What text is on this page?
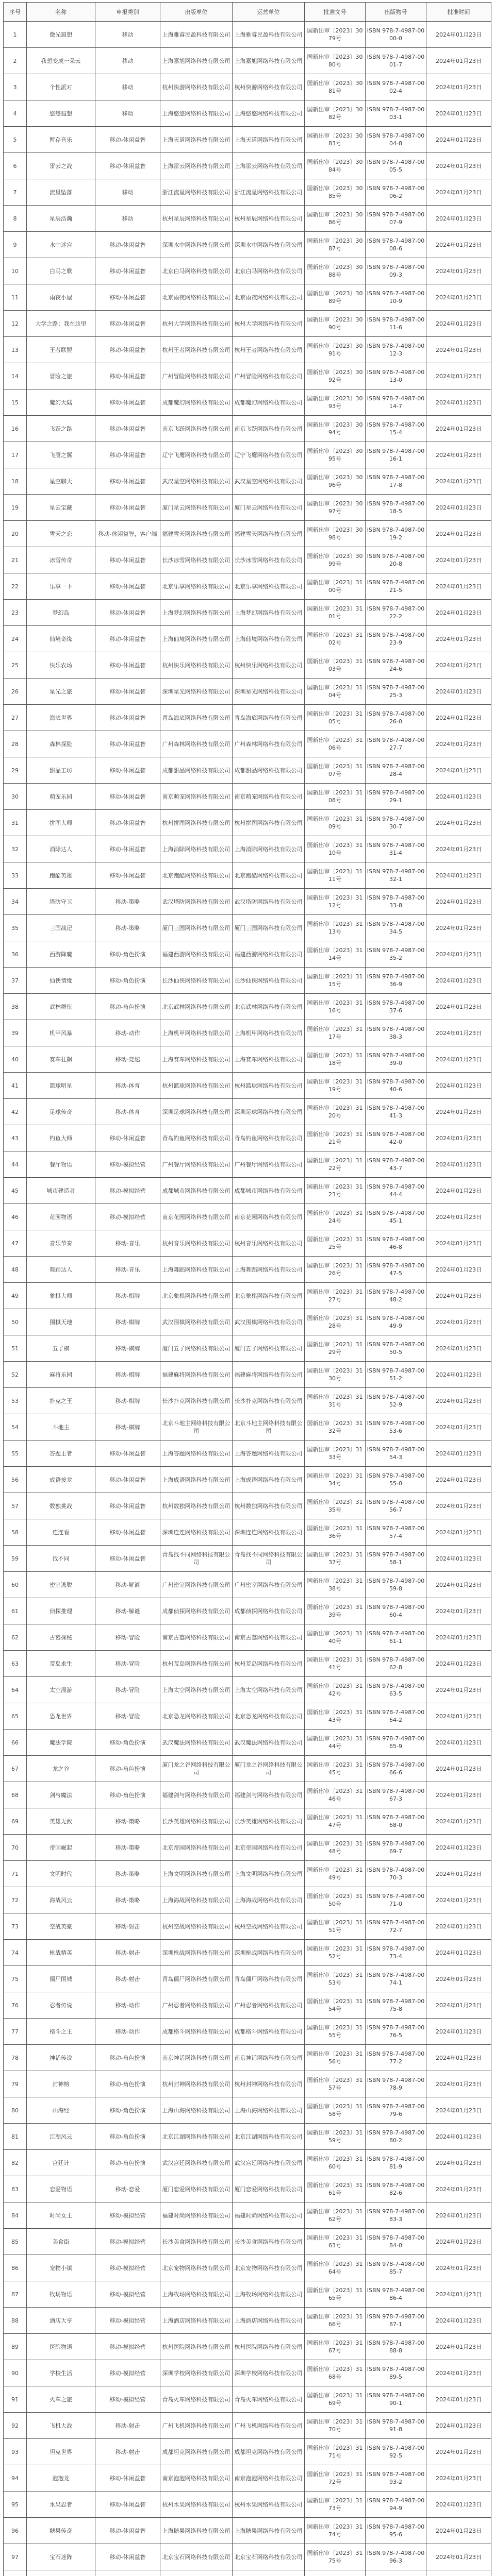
序号	名称	申报类别	出版单位	运营单位	批准文号	出版物号	批准时间
1	微光遐想	移动	上海雅睿民盈科技有限公司	上海雅睿民盈科技有限公司	国新出审〔2023〕3079号	ISBN 978-7-4987-0000-0	2024年01月23日
2	我想变成一朵云	移动	上海嘉旭网络科技有限公司	上海嘉旭网络科技有限公司	国新出审〔2023〕3080号	ISBN 978-7-4987-0001-7	2024年01月23日
3	个性派对	移动	杭州快游网络科技有限公司	杭州快游网络科技有限公司	国新出审〔2023〕3081号	ISBN 978-7-4987-0002-4	2024年01月23日
4	悠悠遐想	移动	上海悠悠网络科技有限公司	上海悠悠网络科技有限公司	国新出审〔2023〕3082号	ISBN 978-7-4987-0003-1	2024年01月23日
5	暂存音乐	移动-休闲益智	上海天道网络科技有限公司	上海天道网络科技有限公司	国新出审〔2023〕3083号	ISBN 978-7-4987-0004-8	2024年01月23日
6	雷云之战	移动-休闲益智	上海雷云网络科技有限公司	上海雷云网络科技有限公司	国新出审〔2023〕3084号	ISBN 978-7-4987-0005-5	2024年01月23日
7	流星坠落	移动	浙江流星网络科技有限公司	浙江流星网络科技有限公司	国新出审〔2023〕3085号	ISBN 978-7-4987-0006-2	2024年01月23日
8	星辰浩瀚	移动	杭州星辰网络科技有限公司	杭州星辰网络科技有限公司	国新出审〔2023〕3086号	ISBN 978-7-4987-0007-9	2024年01月23日
9	水中迷宫	移动-休闲益智	深圳水中网络科技有限公司	深圳水中网络科技有限公司	国新出审〔2023〕3087号	ISBN 978-7-4987-0008-6	2024年01月23日
10	白马之歌	移动-休闲益智	北京白马网络科技有限公司	北京白马网络科技有限公司	国新出审〔2023〕3088号	ISBN 978-7-4987-0009-3	2024年01月23日
11	雨夜小屋	移动-休闲益智	北京雨夜网络科技有限公司	北京雨夜网络科技有限公司	国新出审〔2023〕3089号	ISBN 978-7-4987-0010-9	2024年01月23日
12	大学之路：我在这里	移动-休闲益智	杭州大学网络科技有限公司	杭州大学网络科技有限公司	国新出审〔2023〕3090号	ISBN 978-7-4987-0011-6	2024年01月23日
13	王者联盟	移动-休闲益智	杭州王者网络科技有限公司	杭州王者网络科技有限公司	国新出审〔2023〕3091号	ISBN 978-7-4987-0012-3	2024年01月23日
14	冒险之旅	移动-休闲益智	广州冒险网络科技有限公司	广州冒险网络科技有限公司	国新出审〔2023〕3092号	ISBN 978-7-4987-0013-0	2024年01月23日
15	魔幻大陆	移动-休闲益智	成都魔幻网络科技有限公司	成都魔幻网络科技有限公司	国新出审〔2023〕3093号	ISBN 978-7-4987-0014-7	2024年01月23日
16	飞跃之路	移动-休闲益智	南京飞跃网络科技有限公司	南京飞跃网络科技有限公司	国新出审〔2023〕3094号	ISBN 978-7-4987-0015-4	2024年01月23日
17	飞鹰之翼	移动-休闲益智	辽宁飞鹰网络科技有限公司	辽宁飞鹰网络科技有限公司	国新出审〔2023〕3095号	ISBN 978-7-4987-0016-1	2024年01月23日
18	星空聊天	移动-休闲益智	武汉星空网络科技有限公司	武汉星空网络科技有限公司	国新出审〔2023〕3096号	ISBN 978-7-4987-0017-8	2024年01月23日
19	星云宝藏	移动-休闲益智	厦门星云网络科技有限公司	厦门星云网络科技有限公司	国新出审〔2023〕3097号	ISBN 978-7-4987-0018-5	2024年01月23日
20	雪天之恋	移动-休闲益智，客户端	福建雪天网络科技有限公司	福建雪天网络科技有限公司	国新出审〔2023〕3098号	ISBN 978-7-4987-0019-2	2024年01月23日
21	冰雪传奇	移动-休闲益智	长沙冰雪网络科技有限公司	长沙冰雪网络科技有限公司	国新出审〔2023〕3099号	ISBN 978-7-4987-0020-8	2024年01月23日
22	乐享一下	移动-休闲益智	北京乐享网络科技有限公司	北京乐享网络科技有限公司	国新出审〔2023〕3100号	ISBN 978-7-4987-0021-5	2024年01月23日
23	梦幻岛	移动-休闲益智	上海梦幻网络科技有限公司	上海梦幻网络科技有限公司	国新出审〔2023〕3101号	ISBN 978-7-4987-0022-2	2024年01月23日
24	仙境奇缘	移动-休闲益智	上海仙境网络科技有限公司	上海仙境网络科技有限公司	国新出审〔2023〕3102号	ISBN 978-7-4987-0023-9	2024年01月23日
25	快乐农场	移动-休闲益智	杭州快乐网络科技有限公司	杭州快乐网络科技有限公司	国新出审〔2023〕3103号	ISBN 978-7-4987-0024-6	2024年01月23日
26	星光之旅	移动-休闲益智	深圳星光网络科技有限公司	深圳星光网络科技有限公司	国新出审〔2023〕3104号	ISBN 978-7-4987-0025-3	2024年01月23日
27	海底世界	移动-休闲益智	青岛海底网络科技有限公司	青岛海底网络科技有限公司	国新出审〔2023〕3105号	ISBN 978-7-4987-0026-0	2024年01月23日
28	森林探险	移动-休闲益智	广州森林网络科技有限公司	广州森林网络科技有限公司	国新出审〔2023〕3106号	ISBN 978-7-4987-0027-7	2024年01月23日
29	甜品工坊	移动-休闲益智	成都甜品网络科技有限公司	成都甜品网络科技有限公司	国新出审〔2023〕3107号	ISBN 978-7-4987-0028-4	2024年01月23日
30	萌宠乐园	移动-休闲益智	南京萌宠网络科技有限公司	南京萌宠网络科技有限公司	国新出审〔2023〕3108号	ISBN 978-7-4987-0029-1	2024年01月23日
31	拼图大师	移动-休闲益智	杭州拼图网络科技有限公司	杭州拼图网络科技有限公司	国新出审〔2023〕3109号	ISBN 978-7-4987-0030-7	2024年01月23日
32	消除达人	移动-休闲益智	上海消除网络科技有限公司	上海消除网络科技有限公司	国新出审〔2023〕3110号	ISBN 978-7-4987-0031-4	2024年01月23日
33	跑酷英雄	移动-休闲益智	北京跑酷网络科技有限公司	北京跑酷网络科技有限公司	国新出审〔2023〕3111号	ISBN 978-7-4987-0032-1	2024年01月23日
34	塔防守卫	移动-策略	武汉塔防网络科技有限公司	武汉塔防网络科技有限公司	国新出审〔2023〕3112号	ISBN 978-7-4987-0033-8	2024年01月23日
35	三国战记	移动-策略	厦门三国网络科技有限公司	厦门三国网络科技有限公司	国新出审〔2023〕3113号	ISBN 978-7-4987-0034-5	2024年01月23日
36	西游降魔	移动-角色扮演	福建西游网络科技有限公司	福建西游网络科技有限公司	国新出审〔2023〕3114号	ISBN 978-7-4987-0035-2	2024年01月23日
37	仙侠情缘	移动-角色扮演	长沙仙侠网络科技有限公司	长沙仙侠网络科技有限公司	国新出审〔2023〕3115号	ISBN 978-7-4987-0036-9	2024年01月23日
38	武林群侠	移动-角色扮演	北京武林网络科技有限公司	北京武林网络科技有限公司	国新出审〔2023〕3116号	ISBN 978-7-4987-0037-6	2024年01月23日
39	机甲风暴	移动-动作	上海机甲网络科技有限公司	上海机甲网络科技有限公司	国新出审〔2023〕3117号	ISBN 978-7-4987-0038-3	2024年01月23日
40	赛车狂飙	移动-竞速	上海赛车网络科技有限公司	上海赛车网络科技有限公司	国新出审〔2023〕3118号	ISBN 978-7-4987-0039-0	2024年01月23日
41	篮球明星	移动-体育	杭州篮球网络科技有限公司	杭州篮球网络科技有限公司	国新出审〔2023〕3119号	ISBN 978-7-4987-0040-6	2024年01月23日
42	足球传奇	移动-体育	深圳足球网络科技有限公司	深圳足球网络科技有限公司	国新出审〔2023〕3120号	ISBN 978-7-4987-0041-3	2024年01月23日
43	钓鱼大师	移动-休闲益智	青岛钓鱼网络科技有限公司	青岛钓鱼网络科技有限公司	国新出审〔2023〕3121号	ISBN 978-7-4987-0042-0	2024年01月23日
44	餐厅物语	移动-模拟经营	广州餐厅网络科技有限公司	广州餐厅网络科技有限公司	国新出审〔2023〕3122号	ISBN 978-7-4987-0043-7	2024年01月23日
45	城市建造者	移动-模拟经营	成都城市网络科技有限公司	成都城市网络科技有限公司	国新出审〔2023〕3123号	ISBN 978-7-4987-0044-4	2024年01月23日
46	花园物语	移动-模拟经营	南京花园网络科技有限公司	南京花园网络科技有限公司	国新出审〔2023〕3124号	ISBN 978-7-4987-0045-1	2024年01月23日
47	音乐节奏	移动-音乐	杭州音乐网络科技有限公司	杭州音乐网络科技有限公司	国新出审〔2023〕3125号	ISBN 978-7-4987-0046-8	2024年01月23日
48	舞蹈达人	移动-音乐	上海舞蹈网络科技有限公司	上海舞蹈网络科技有限公司	国新出审〔2023〕3126号	ISBN 978-7-4987-0047-5	2024年01月23日
49	象棋大师	移动-棋牌	北京象棋网络科技有限公司	北京象棋网络科技有限公司	国新出审〔2023〕3127号	ISBN 978-7-4987-0048-2	2024年01月23日
50	围棋天地	移动-棋牌	武汉围棋网络科技有限公司	武汉围棋网络科技有限公司	国新出审〔2023〕3128号	ISBN 978-7-4987-0049-9	2024年01月23日
51	五子棋	移动-棋牌	厦门五子网络科技有限公司	厦门五子网络科技有限公司	国新出审〔2023〕3129号	ISBN 978-7-4987-0050-5	2024年01月23日
52	麻将乐园	移动-棋牌	福建麻将网络科技有限公司	福建麻将网络科技有限公司	国新出审〔2023〕3130号	ISBN 978-7-4987-0051-2	2024年01月23日
53	扑克之王	移动-棋牌	长沙扑克网络科技有限公司	长沙扑克网络科技有限公司	国新出审〔2023〕3131号	ISBN 978-7-4987-0052-9	2024年01月23日
54	斗地主	移动-棋牌	北京斗地主网络科技有限公司	北京斗地主网络科技有限公司	国新出审〔2023〕3132号	ISBN 978-7-4987-0053-6	2024年01月23日
55	答题王者	移动-休闲益智	上海答题网络科技有限公司	上海答题网络科技有限公司	国新出审〔2023〕3133号	ISBN 978-7-4987-0054-3	2024年01月23日
56	成语接龙	移动-休闲益智	上海成语网络科技有限公司	上海成语网络科技有限公司	国新出审〔2023〕3134号	ISBN 978-7-4987-0055-0	2024年01月23日
57	数独挑战	移动-休闲益智	杭州数独网络科技有限公司	杭州数独网络科技有限公司	国新出审〔2023〕3135号	ISBN 978-7-4987-0056-7	2024年01月23日
58	连连看	移动-休闲益智	深圳连连网络科技有限公司	深圳连连网络科技有限公司	国新出审〔2023〕3136号	ISBN 978-7-4987-0057-4	2024年01月23日
59	找不同	移动-休闲益智	青岛找不同网络科技有限公司	青岛找不同网络科技有限公司	国新出审〔2023〕3137号	ISBN 978-7-4987-0058-1	2024年01月23日
60	密室逃脱	移动-解谜	广州密室网络科技有限公司	广州密室网络科技有限公司	国新出审〔2023〕3138号	ISBN 978-7-4987-0059-8	2024年01月23日
61	侦探推理	移动-解谜	成都侦探网络科技有限公司	成都侦探网络科技有限公司	国新出审〔2023〕3139号	ISBN 978-7-4987-0060-4	2024年01月23日
62	古墓探秘	移动-冒险	南京古墓网络科技有限公司	南京古墓网络科技有限公司	国新出审〔2023〕3140号	ISBN 978-7-4987-0061-1	2024年01月23日
63	荒岛求生	移动-冒险	杭州荒岛网络科技有限公司	杭州荒岛网络科技有限公司	国新出审〔2023〕3141号	ISBN 978-7-4987-0062-8	2024年01月23日
64	太空漫游	移动-冒险	上海太空网络科技有限公司	上海太空网络科技有限公司	国新出审〔2023〕3142号	ISBN 978-7-4987-0063-5	2024年01月23日
65	恐龙世界	移动-冒险	北京恐龙网络科技有限公司	北京恐龙网络科技有限公司	国新出审〔2023〕3143号	ISBN 978-7-4987-0064-2	2024年01月23日
66	魔法学院	移动-角色扮演	武汉魔法网络科技有限公司	武汉魔法网络科技有限公司	国新出审〔2023〕3144号	ISBN 978-7-4987-0065-9	2024年01月23日
67	龙之谷	移动-角色扮演	厦门龙之谷网络科技有限公司	厦门龙之谷网络科技有限公司	国新出审〔2023〕3145号	ISBN 978-7-4987-0066-6	2024年01月23日
68	剑与魔法	移动-角色扮演	福建剑与网络科技有限公司	福建剑与网络科技有限公司	国新出审〔2023〕3146号	ISBN 978-7-4987-0067-3	2024年01月23日
69	英雄无敌	移动-策略	长沙英雄网络科技有限公司	长沙英雄网络科技有限公司	国新出审〔2023〕3147号	ISBN 978-7-4987-0068-0	2024年01月23日
70	帝国崛起	移动-策略	北京帝国网络科技有限公司	北京帝国网络科技有限公司	国新出审〔2023〕3148号	ISBN 978-7-4987-0069-7	2024年01月23日
71	文明时代	移动-策略	上海文明网络科技有限公司	上海文明网络科技有限公司	国新出审〔2023〕3149号	ISBN 978-7-4987-0070-3	2024年01月23日
72	海战风云	移动-策略	上海海战网络科技有限公司	上海海战网络科技有限公司	国新出审〔2023〕3150号	ISBN 978-7-4987-0071-0	2024年01月23日
73	空战英豪	移动-射击	杭州空战网络科技有限公司	杭州空战网络科技有限公司	国新出审〔2023〕3151号	ISBN 978-7-4987-0072-7	2024年01月23日
74	枪战精英	移动-射击	深圳枪战网络科技有限公司	深圳枪战网络科技有限公司	国新出审〔2023〕3152号	ISBN 978-7-4987-0073-4	2024年01月23日
75	僵尸围城	移动-射击	青岛僵尸网络科技有限公司	青岛僵尸网络科技有限公司	国新出审〔2023〕3153号	ISBN 978-7-4987-0074-1	2024年01月23日
76	忍者传说	移动-动作	广州忍者网络科技有限公司	广州忍者网络科技有限公司	国新出审〔2023〕3154号	ISBN 978-7-4987-0075-8	2024年01月23日
77	格斗之王	移动-动作	成都格斗网络科技有限公司	成都格斗网络科技有限公司	国新出审〔2023〕3155号	ISBN 978-7-4987-0076-5	2024年01月23日
78	神话传说	移动-角色扮演	南京神话网络科技有限公司	南京神话网络科技有限公司	国新出审〔2023〕3156号	ISBN 978-7-4987-0077-2	2024年01月23日
79	封神榜	移动-角色扮演	杭州封神网络科技有限公司	杭州封神网络科技有限公司	国新出审〔2023〕3157号	ISBN 978-7-4987-0078-9	2024年01月23日
80	山海经	移动-角色扮演	上海山海网络科技有限公司	上海山海网络科技有限公司	国新出审〔2023〕3158号	ISBN 978-7-4987-0079-6	2024年01月23日
81	江湖风云	移动-角色扮演	北京江湖网络科技有限公司	北京江湖网络科技有限公司	国新出审〔2023〕3159号	ISBN 978-7-4987-0080-2	2024年01月23日
82	宫廷计	移动-角色扮演	武汉宫廷网络科技有限公司	武汉宫廷网络科技有限公司	国新出审〔2023〕3160号	ISBN 978-7-4987-0081-9	2024年01月23日
83	恋爱物语	移动-恋爱	厦门恋爱网络科技有限公司	厦门恋爱网络科技有限公司	国新出审〔2023〕3161号	ISBN 978-7-4987-0082-6	2024年01月23日
84	时尚女王	移动-模拟经营	福建时尚网络科技有限公司	福建时尚网络科技有限公司	国新出审〔2023〕3162号	ISBN 978-7-4987-0083-3	2024年01月23日
85	美食街	移动-模拟经营	长沙美食网络科技有限公司	长沙美食网络科技有限公司	国新出审〔2023〕3163号	ISBN 978-7-4987-0084-0	2024年01月23日
86	宠物小镇	移动-模拟经营	北京宠物网络科技有限公司	北京宠物网络科技有限公司	国新出审〔2023〕3164号	ISBN 978-7-4987-0085-7	2024年01月23日
87	牧场物语	移动-模拟经营	上海牧场网络科技有限公司	上海牧场网络科技有限公司	国新出审〔2023〕3165号	ISBN 978-7-4987-0086-4	2024年01月23日
88	酒店大亨	移动-模拟经营	上海酒店网络科技有限公司	上海酒店网络科技有限公司	国新出审〔2023〕3166号	ISBN 978-7-4987-0087-1	2024年01月23日
89	医院物语	移动-模拟经营	杭州医院网络科技有限公司	杭州医院网络科技有限公司	国新出审〔2023〕3167号	ISBN 978-7-4987-0088-8	2024年01月23日
90	学校生活	移动-模拟经营	深圳学校网络科技有限公司	深圳学校网络科技有限公司	国新出审〔2023〕3168号	ISBN 978-7-4987-0089-5	2024年01月23日
91	火车之旅	移动-模拟经营	青岛火车网络科技有限公司	青岛火车网络科技有限公司	国新出审〔2023〕3169号	ISBN 978-7-4987-0090-1	2024年01月23日
92	飞机大战	移动-射击	广州飞机网络科技有限公司	广州飞机网络科技有限公司	国新出审〔2023〕3170号	ISBN 978-7-4987-0091-8	2024年01月23日
93	坦克世界	移动-射击	成都坦克网络科技有限公司	成都坦克网络科技有限公司	国新出审〔2023〕3171号	ISBN 978-7-4987-0092-5	2024年01月23日
94	泡泡龙	移动-休闲益智	南京泡泡网络科技有限公司	南京泡泡网络科技有限公司	国新出审〔2023〕3172号	ISBN 978-7-4987-0093-2	2024年01月23日
95	水果忍者	移动-休闲益智	杭州水果网络科技有限公司	杭州水果网络科技有限公司	国新出审〔2023〕3173号	ISBN 978-7-4987-0094-9	2024年01月23日
96	糖果传奇	移动-休闲益智	上海糖果网络科技有限公司	上海糖果网络科技有限公司	国新出审〔2023〕3174号	ISBN 978-7-4987-0095-6	2024年01月23日
97	宝石迷阵	移动-休闲益智	北京宝石网络科技有限公司	北京宝石网络科技有限公司	国新出审〔2023〕3175号	ISBN 978-7-4987-0096-3	2024年01月23日
